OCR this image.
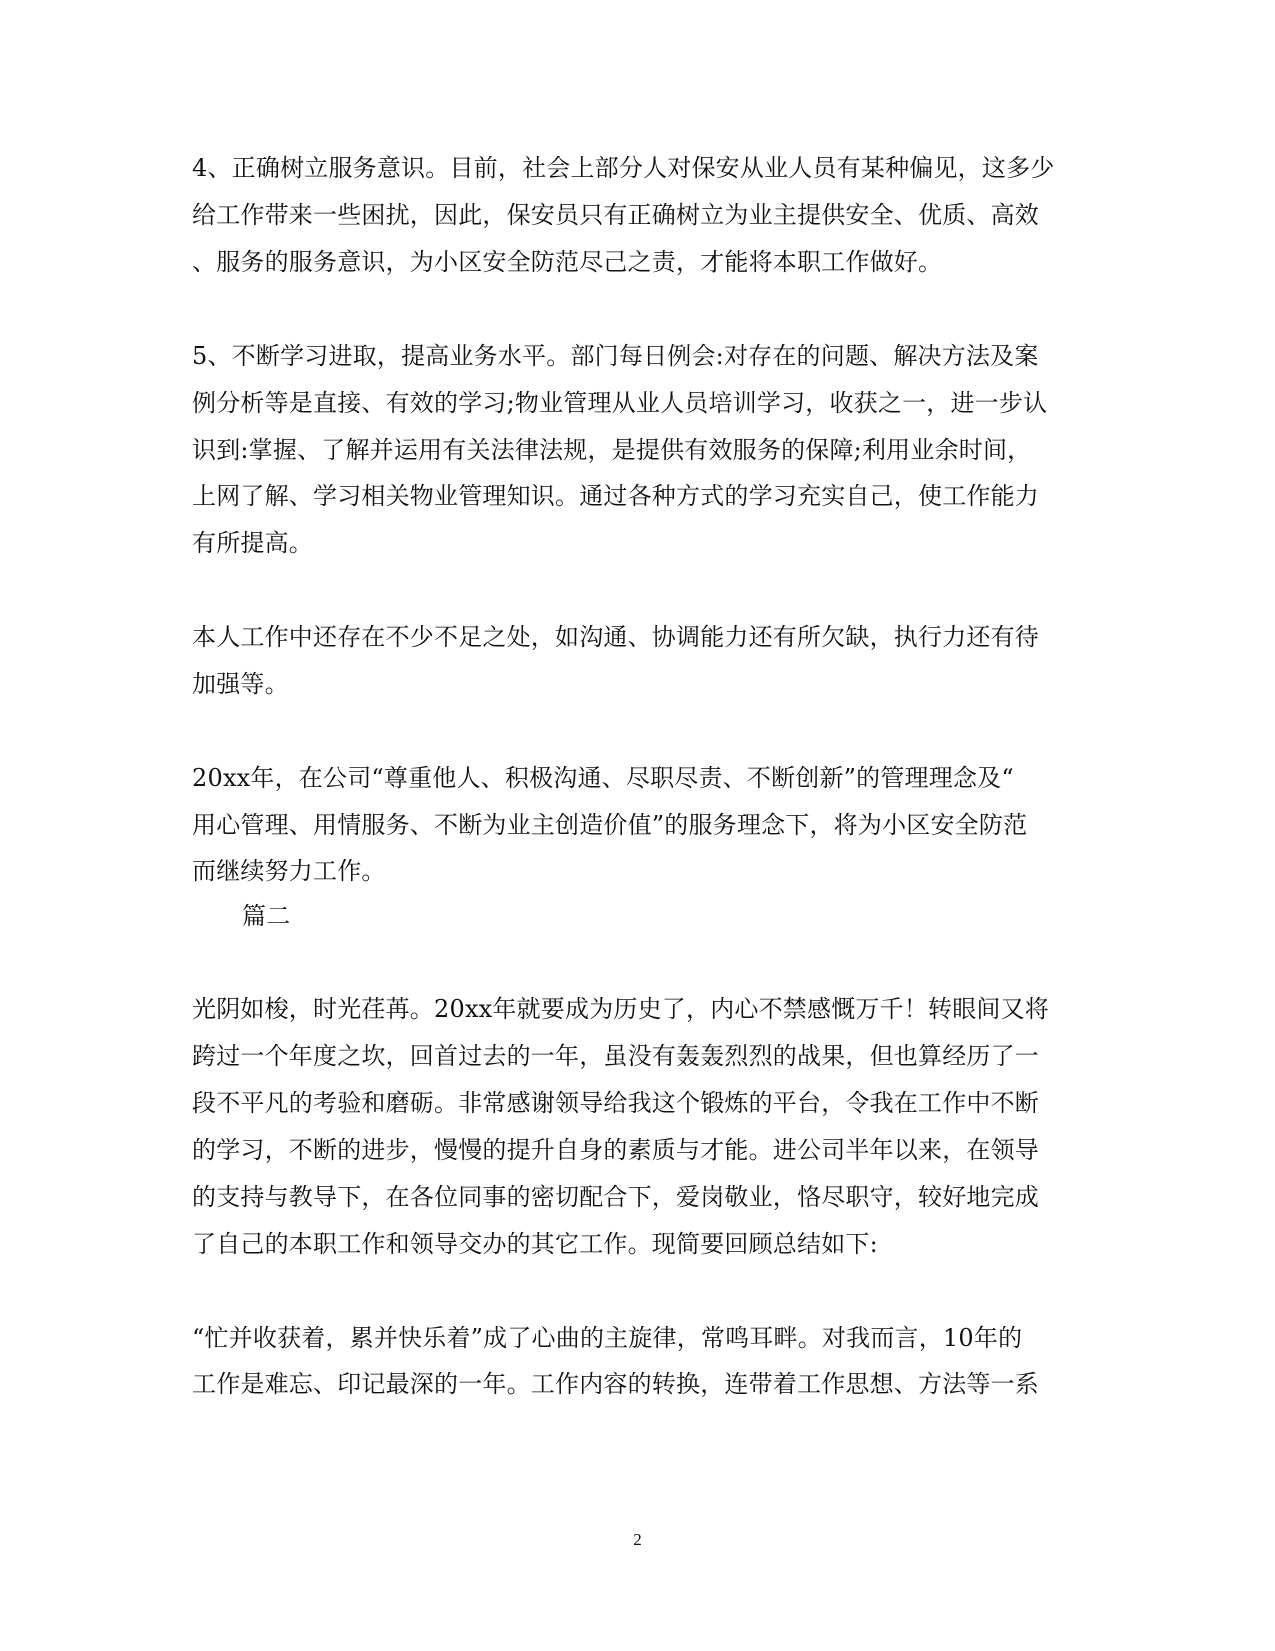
4、正确树立服务意识。目前，社会上部分人对保安从业人员有某种偏见，这多少
给工作带来一些困扰，因此，保安员只有正确树立为业主提供安全、优质、高效
、服务的服务意识，为小区安全防范尽己之责，才能将本职工作做好。
5、不断学习进取，提高业务水平。部门每日例会:对存在的问题、解决方法及案
例分析等是直接、有效的学习;物业管理从业人员培训学习，收获之一，进一步认
识到:掌握、了解并运用有关法律法规，是提供有效服务的保障;利用业余时间，
上网了解、学习相关物业管理知识。通过各种方式的学习充实自己，使工作能力
有所提高。
本人工作中还存在不少不足之处，如沟通、协调能力还有所欠缺，执行力还有待
加强等。
20xx年，在公司“尊重他人、积极沟通、尽职尽责、不断创新”的管理理念及“
用心管理、用情服务、不断为业主创造价值”的服务理念下，将为小区安全防范
而继续努力工作。
篇二
光阴如梭，时光荏苒。20xx年就要成为历史了，内心不禁感慨万千！转眼间又将
跨过一个年度之坎，回首过去的一年，虽没有轰轰烈烈的战果，但也算经历了一
段不平凡的考验和磨砺。非常感谢领导给我这个锻炼的平台，令我在工作中不断
的学习，不断的进步，慢慢的提升自身的素质与才能。进公司半年以来，在领导
的支持与教导下，在各位同事的密切配合下，爱岗敬业，恪尽职守，较好地完成
了自己的本职工作和领导交办的其它工作。现简要回顾总结如下:
“忙并收获着，累并快乐着”成了心曲的主旋律，常鸣耳畔。对我而言，10年的
工作是难忘、印记最深的一年。工作内容的转换，连带着工作思想、方法等一系
2
